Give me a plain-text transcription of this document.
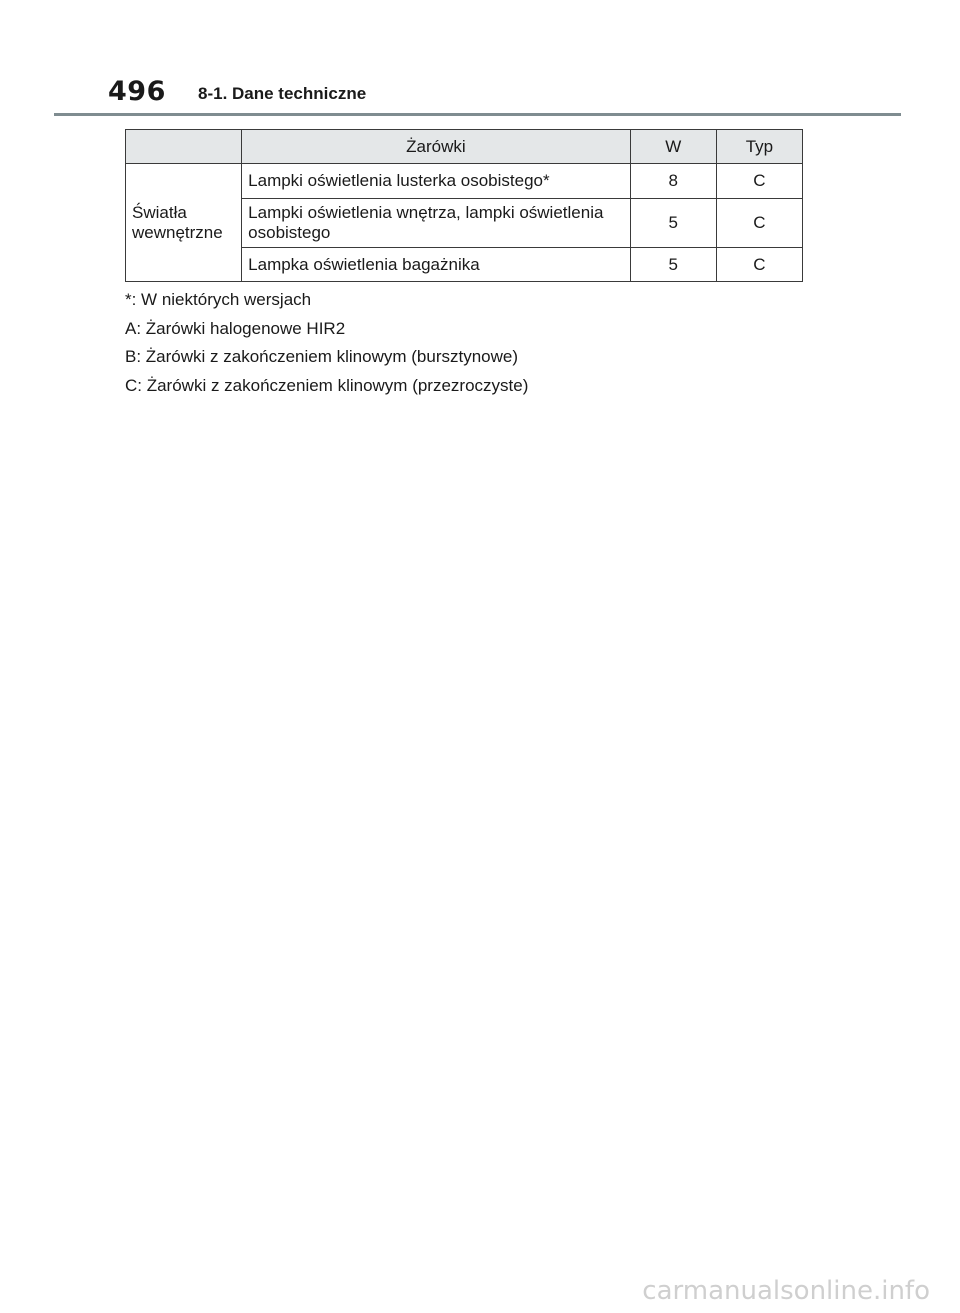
496 8-1. Dane techniczne
	Żarówki	W	Typ
Światła wewnętrzne	Lampki oświetlenia lusterka osobistego*	8	C
	Lampki oświetlenia wnętrza, lampki oświetlenia osobistego	5	C
	Lampka oświetlenia bagażnika	5	C
*: W niektórych wersjach
A: Żarówki halogenowe HIR2
B: Żarówki z zakończeniem klinowym (bursztynowe)
C: Żarówki z zakończeniem klinowym (przezroczyste)
carmanualsonline.info
